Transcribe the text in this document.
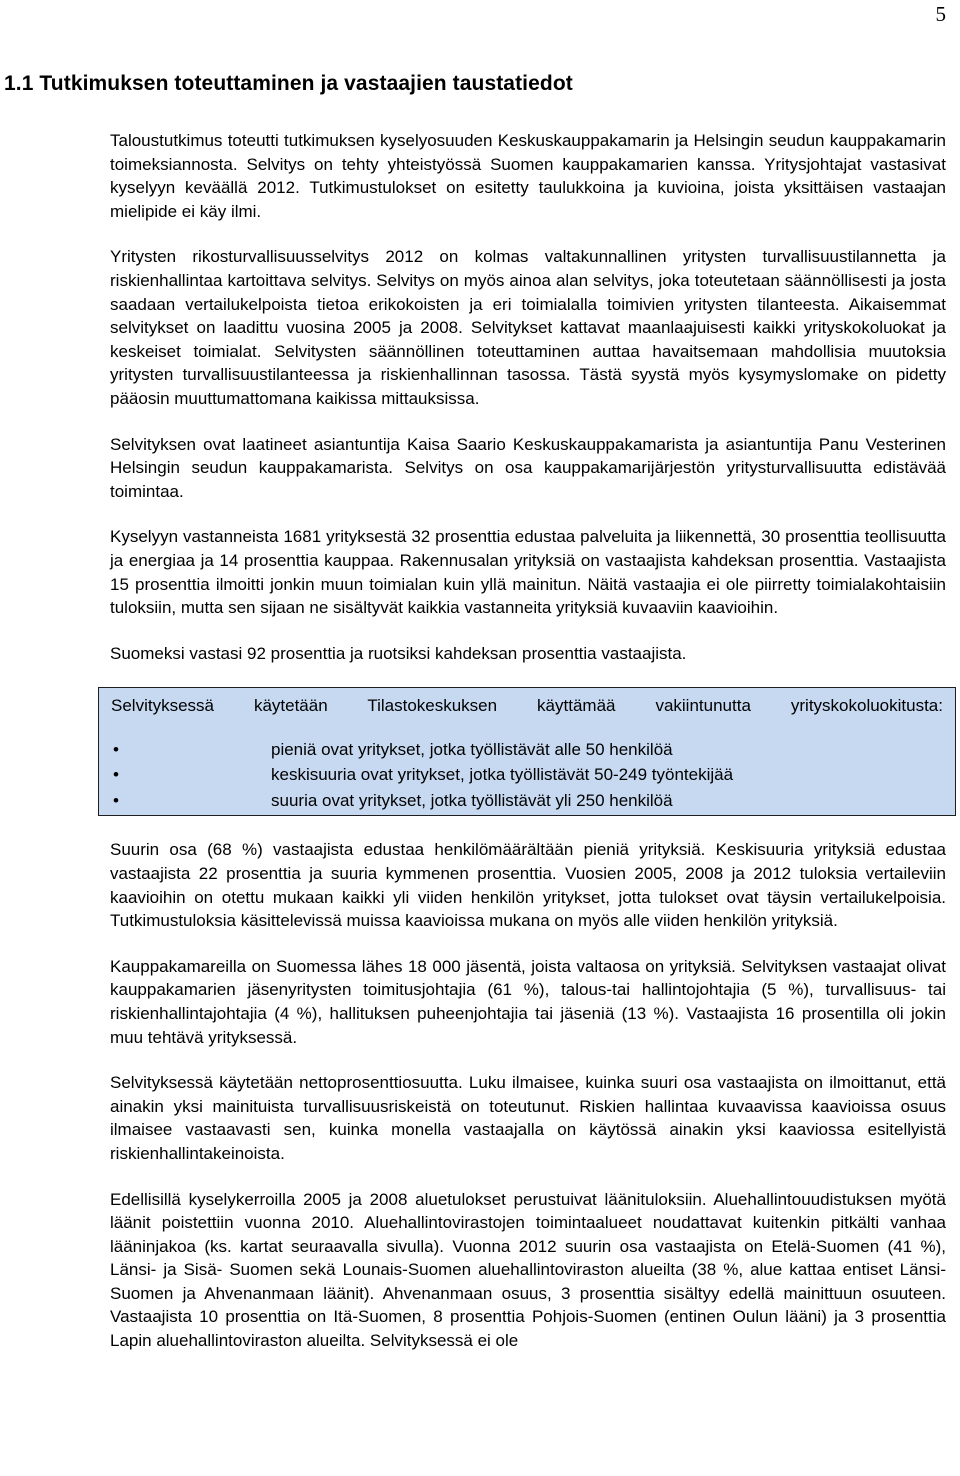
5
1.1 Tutkimuksen toteuttaminen ja vastaajien taustatiedot

Taloustutkimus toteutti tutkimuksen kyselyosuuden Keskuskauppakamarin ja Helsingin seudun kauppakamarin toimeksiannosta. Selvitys on tehty yhteistyössä Suomen kauppakamarien kanssa. Yritysjohtajat vastasivat kyselyyn keväällä 2012. Tutkimustulokset on esitetty taulukkoina ja kuvioina, joista yksittäisen vastaajan mielipide ei käy ilmi.

Yritysten rikosturvallisuusselvitys 2012 on kolmas valtakunnallinen yritysten turvallisuustilannetta ja riskienhallintaa kartoittava selvitys. Selvitys on myös ainoa alan selvitys, joka toteutetaan säännöllisesti ja josta saadaan vertailukelpoista tietoa erikokoisten ja eri toimialalla toimivien yritysten tilanteesta. Aikaisemmat selvitykset on laadittu vuosina 2005 ja 2008. Selvitykset kattavat maanlaajuisesti kaikki yrityskokoluokat ja keskeiset toimialat. Selvitysten säännöllinen toteuttaminen auttaa havaitsemaan mahdollisia muutoksia yritysten turvallisuustilanteessa ja riskienhallinnan tasossa. Tästä syystä myös kysymyslomake on pidetty pääosin muuttumattomana kaikissa mittauksissa.

Selvityksen ovat laatineet asiantuntija Kaisa Saario Keskuskauppakamarista ja asiantuntija Panu Vesterinen Helsingin seudun kauppakamarista. Selvitys on osa kauppakamarijärjestön yritysturvallisuutta edistävää toimintaa.

Kyselyyn vastanneista 1681 yrityksestä 32 prosenttia edustaa palveluita ja liikennettä, 30 prosenttia teollisuutta ja energiaa ja 14 prosenttia kauppaa. Rakennusalan yrityksiä on vastaajista kahdeksan prosenttia. Vastaajista 15 prosenttia ilmoitti jonkin muun toimialan kuin yllä mainitun. Näitä vastaajia ei ole piirretty toimialakohtaisiin tuloksiin, mutta sen sijaan ne sisältyvät kaikkia vastanneita yrityksiä kuvaaviin kaavioihin.

Suomeksi vastasi 92 prosenttia ja ruotsiksi kahdeksan prosenttia vastaajista.

Selvityksessä käytetään Tilastokeskuksen käyttämää vakiintunutta yrityskokoluokitusta:
•	pieniä ovat yritykset, jotka työllistävät alle 50 henkilöä
•	keskisuuria ovat yritykset, jotka työllistävät 50-249 työntekijää
•	suuria ovat yritykset, jotka työllistävät yli 250 henkilöä

Suurin osa (68 %) vastaajista edustaa henkilömäärältään pieniä yrityksiä. Keskisuuria yrityksiä edustaa vastaajista 22 prosenttia ja suuria kymmenen prosenttia. Vuosien 2005, 2008 ja 2012 tuloksia vertaileviin kaavioihin on otettu mukaan kaikki yli viiden henkilön yritykset, jotta tulokset ovat täysin vertailukelpoisia. Tutkimustuloksia käsittelevissä muissa kaavioissa mukana on myös alle viiden henkilön yrityksiä.

Kauppakamareilla on Suomessa lähes 18 000 jäsentä, joista valtaosa on yrityksiä. Selvityksen vastaajat olivat kauppakamarien jäsenyritysten toimitusjohtajia (61 %), talous-tai hallintojohtajia (5 %), turvallisuus- tai riskienhallintajohtajia (4 %), hallituksen puheenjohtajia tai jäseniä (13 %). Vastaajista 16 prosentilla oli jokin muu tehtävä yrityksessä.

Selvityksessä käytetään nettoprosenttiosuutta. Luku ilmaisee, kuinka suuri osa vastaajista on ilmoittanut, että ainakin yksi mainituista turvallisuusriskeistä on toteutunut. Riskien hallintaa kuvaavissa kaavioissa osuus ilmaisee vastaavasti sen, kuinka monella vastaajalla on käytössä ainakin yksi kaaviossa esitellyistä riskienhallintakeinoista.

Edellisillä kyselykerroilla 2005 ja 2008 aluetulokset perustuivat läänituloksiin. Aluehallintouudistuksen myötä läänit poistettiin vuonna 2010. Aluehallintovirastojen toimintaalueet noudattavat kuitenkin pitkälti vanhaa lääninjakoa (ks. kartat seuraavalla sivulla). Vuonna 2012 suurin osa vastaajista on Etelä-Suomen (41 %), Länsi- ja Sisä- Suomen sekä Lounais-Suomen aluehallintoviraston alueilta (38 %, alue kattaa entiset Länsi-Suomen ja Ahvenanmaan läänit). Ahvenanmaan osuus, 3 prosenttia sisältyy edellä mainittuun osuuteen. Vastaajista 10 prosenttia on Itä-Suomen, 8 prosenttia Pohjois-Suomen (entinen Oulun lääni) ja 3 prosenttia Lapin aluehallintoviraston alueilta. Selvityksessä ei ole
